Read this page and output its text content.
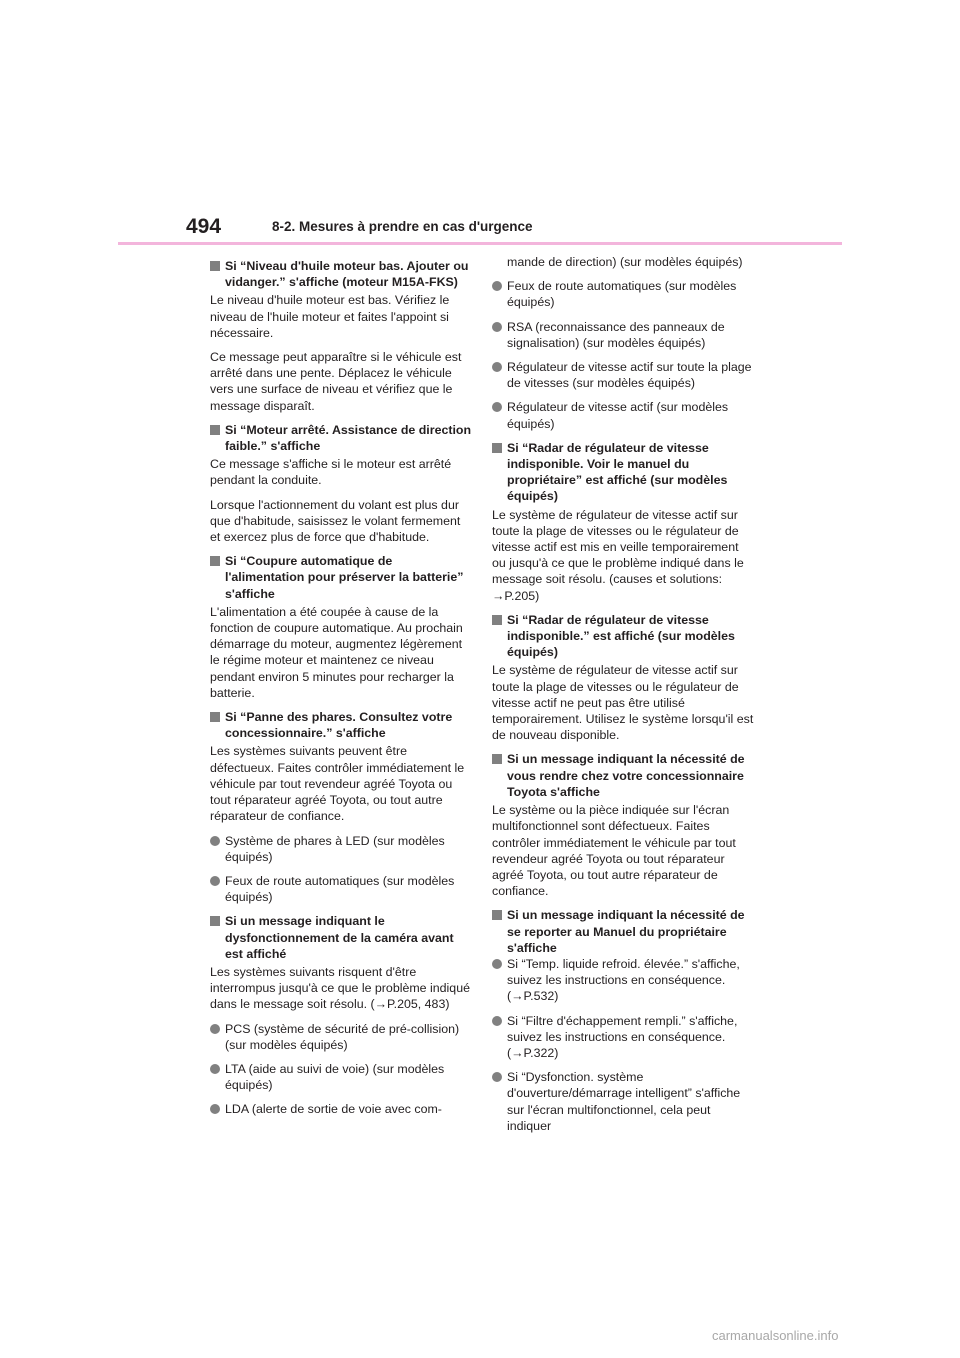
494	8-2. Mesures à prendre en cas d'urgence
Si “Niveau d'huile moteur bas. Ajouter ou vidanger.” s'affiche (moteur M15A-FKS)

Le niveau d'huile moteur est bas. Vérifiez le niveau de l'huile moteur et faites l'appoint si nécessaire.

Ce message peut apparaître si le véhicule est arrêté dans une pente. Déplacez le véhicule vers une surface de niveau et vérifiez que le message disparaît.

Si “Moteur arrêté. Assistance de direction faible.” s'affiche

Ce message s'affiche si le moteur est arrêté pendant la conduite.

Lorsque l'actionnement du volant est plus dur que d'habitude, saisissez le volant fermement et exercez plus de force que d'habitude.

Si “Coupure automatique de l'alimentation pour préserver la batterie” s'affiche

L'alimentation a été coupée à cause de la fonction de coupure automatique. Au prochain démarrage du moteur, augmentez légèrement le régime moteur et maintenez ce niveau pendant environ 5 minutes pour recharger la batterie.

Si “Panne des phares. Consultez votre concessionnaire.” s'affiche

Les systèmes suivants peuvent être défectueux. Faites contrôler immédiatement le véhicule par tout revendeur agréé Toyota ou tout réparateur agréé Toyota, ou tout autre réparateur de confiance.

Système de phares à LED (sur modèles équipés)
Feux de route automatiques (sur modèles équipés)
Si un message indiquant le dysfonctionnement de la caméra avant est affiché

Les systèmes suivants risquent d'être interrompus jusqu'à ce que le problème indiqué dans le message soit résolu. (→P.205, 483)

PCS (système de sécurité de pré-collision) (sur modèles équipés)
LTA (aide au suivi de voie) (sur modèles équipés)
LDA (alerte de sortie de voie avec com-

mande de direction) (sur modèles équipés)

Feux de route automatiques (sur modèles équipés)
RSA (reconnaissance des panneaux de signalisation) (sur modèles équipés)
Régulateur de vitesse actif sur toute la plage de vitesses (sur modèles équipés)
Régulateur de vitesse actif (sur modèles équipés)
Si “Radar de régulateur de vitesse indisponible. Voir le manuel du propriétaire” est affiché (sur modèles équipés)

Le système de régulateur de vitesse actif sur toute la plage de vitesses ou le régulateur de vitesse actif est mis en veille temporairement ou jusqu'à ce que le problème indiqué dans le message soit résolu. (causes et solutions: →P.205)

Si “Radar de régulateur de vitesse indisponible.” est affiché (sur modèles équipés)

Le système de régulateur de vitesse actif sur toute la plage de vitesses ou le régulateur de vitesse actif ne peut pas être utilisé temporairement. Utilisez le système lorsqu'il est de nouveau disponible.

Si un message indiquant la nécessité de vous rendre chez votre concessionnaire Toyota s'affiche

Le système ou la pièce indiquée sur l'écran multifonctionnel sont défectueux. Faites contrôler immédiatement le véhicule par tout revendeur agréé Toyota ou tout réparateur agréé Toyota, ou tout autre réparateur de confiance.

Si un message indiquant la nécessité de se reporter au Manuel du propriétaire s'affiche
Si “Temp. liquide refroid. élevée.” s'affiche, suivez les instructions en conséquence. (→P.532)
Si “Filtre d'échappement rempli.” s'affiche, suivez les instructions en conséquence. (→P.322)
Si “Dysfonction. système d'ouverture/démarrage intelligent” s'affiche sur l'écran multifonctionnel, cela peut indiquer
carmanualsonline.info
